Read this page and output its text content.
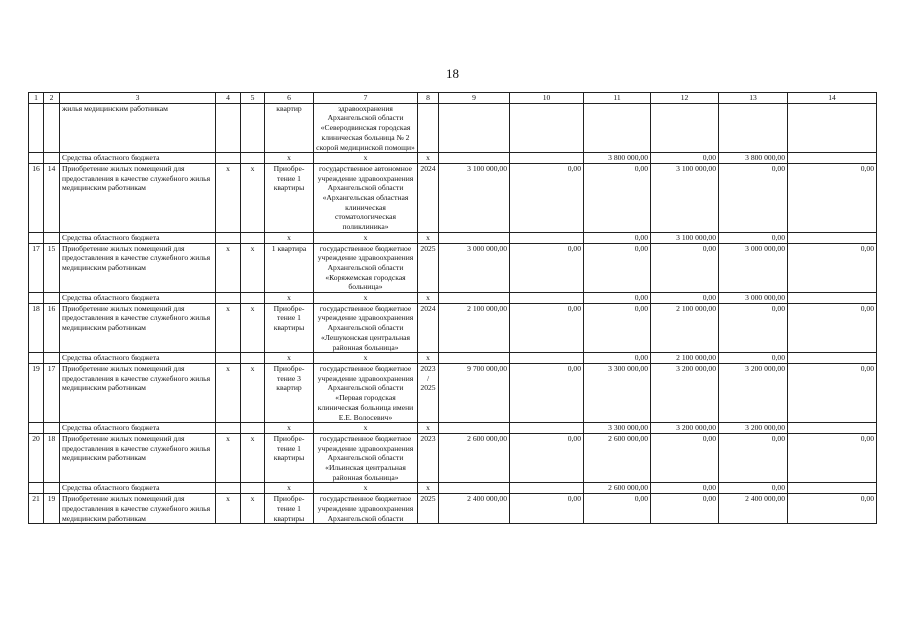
18
1	2	3	4	5	6	7	8	9	10	11	12	13	14
		жилья медицинским работникам			квартир	здравоохранения Архангельской области «Северодвинская городская клиническая больница № 2 скорой медицинской помощи»							
		Средства областного бюджета			х	х	х			3 800 000,00	0,00	3 800 000,00	
16	14	Приобретение жилых помещений для предоставления в качестве служебного жилья медицинским работникам	х	х	Приобре-тение 1 квартиры	государственное автономное учреждение здравоохранения Архангельской области «Архангельская областная клиническая стоматологическая поликлиника»	2024	3 100 000,00	0,00	0,00	3 100 000,00	0,00	0,00
		Средства областного бюджета			х	х	х			0,00	3 100 000,00	0,00	
17	15	Приобретение жилых помещений для предоставления в качестве служебного жилья медицинским работникам	х	х	1 квартира	государственное бюджетное учреждение здравоохранения Архангельской области «Коряжемская городская больница»	2025	3 000 000,00	0,00	0,00	0,00	3 000 000,00	0,00
		Средства областного бюджета			х	х	х			0,00	0,00	3 000 000,00	
18	16	Приобретение жилых помещений для предоставления в качестве служебного жилья медицинским работникам	х	х	Приобре-тение 1 квартиры	государственное бюджетное учреждение здравоохранения Архангельской области «Лешуконская центральная районная больница»	2024	2 100 000,00	0,00	0,00	2 100 000,00	0,00	0,00
		Средства областного бюджета			х	х	х			0,00	2 100 000,00	0,00	
19	17	Приобретение жилых помещений для предоставления в качестве служебного жилья медицинским работникам	х	х	Приобре-тение 3 квартир	государственное бюджетное учреждение здравоохранения Архангельской области «Первая городская клиническая больница имени Е.Е. Волосевич»	2023/ 2025	9 700 000,00	0,00	3 300 000,00	3 200 000,00	3 200 000,00	0,00
		Средства областного бюджета			х	х	х			3 300 000,00	3 200 000,00	3 200 000,00	
20	18	Приобретение жилых помещений для предоставления в качестве служебного жилья медицинским работникам	х	х	Приобре-тение 1 квартиры	государственное бюджетное учреждение здравоохранения Архангельской области «Ильинская центральная районная больница»	2023	2 600 000,00	0,00	2 600 000,00	0,00	0,00	0,00
		Средства областного бюджета			х	х	х			2 600 000,00	0,00	0,00	
21	19	Приобретение жилых помещений для предоставления в качестве служебного жилья медицинским работникам	х	х	Приобре-тение 1 квартиры	государственное бюджетное учреждение здравоохранения Архангельской области	2025	2 400 000,00	0,00	0,00	0,00	2 400 000,00	0,00
